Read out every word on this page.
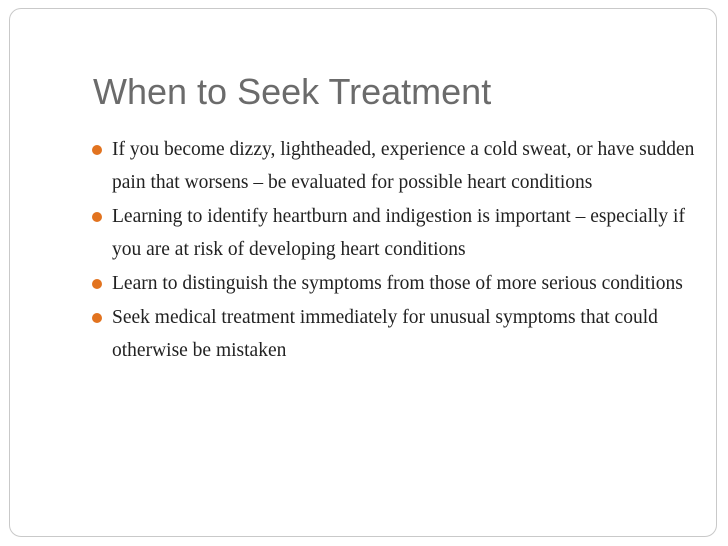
When to Seek Treatment
If you become dizzy, lightheaded, experience a cold sweat, or have sudden pain that worsens – be evaluated for possible heart conditions
Learning to identify heartburn and indigestion is important – especially if you are at risk of developing heart conditions
Learn to distinguish the symptoms from those of more serious conditions
Seek medical treatment immediately for unusual symptoms that could otherwise be mistaken
